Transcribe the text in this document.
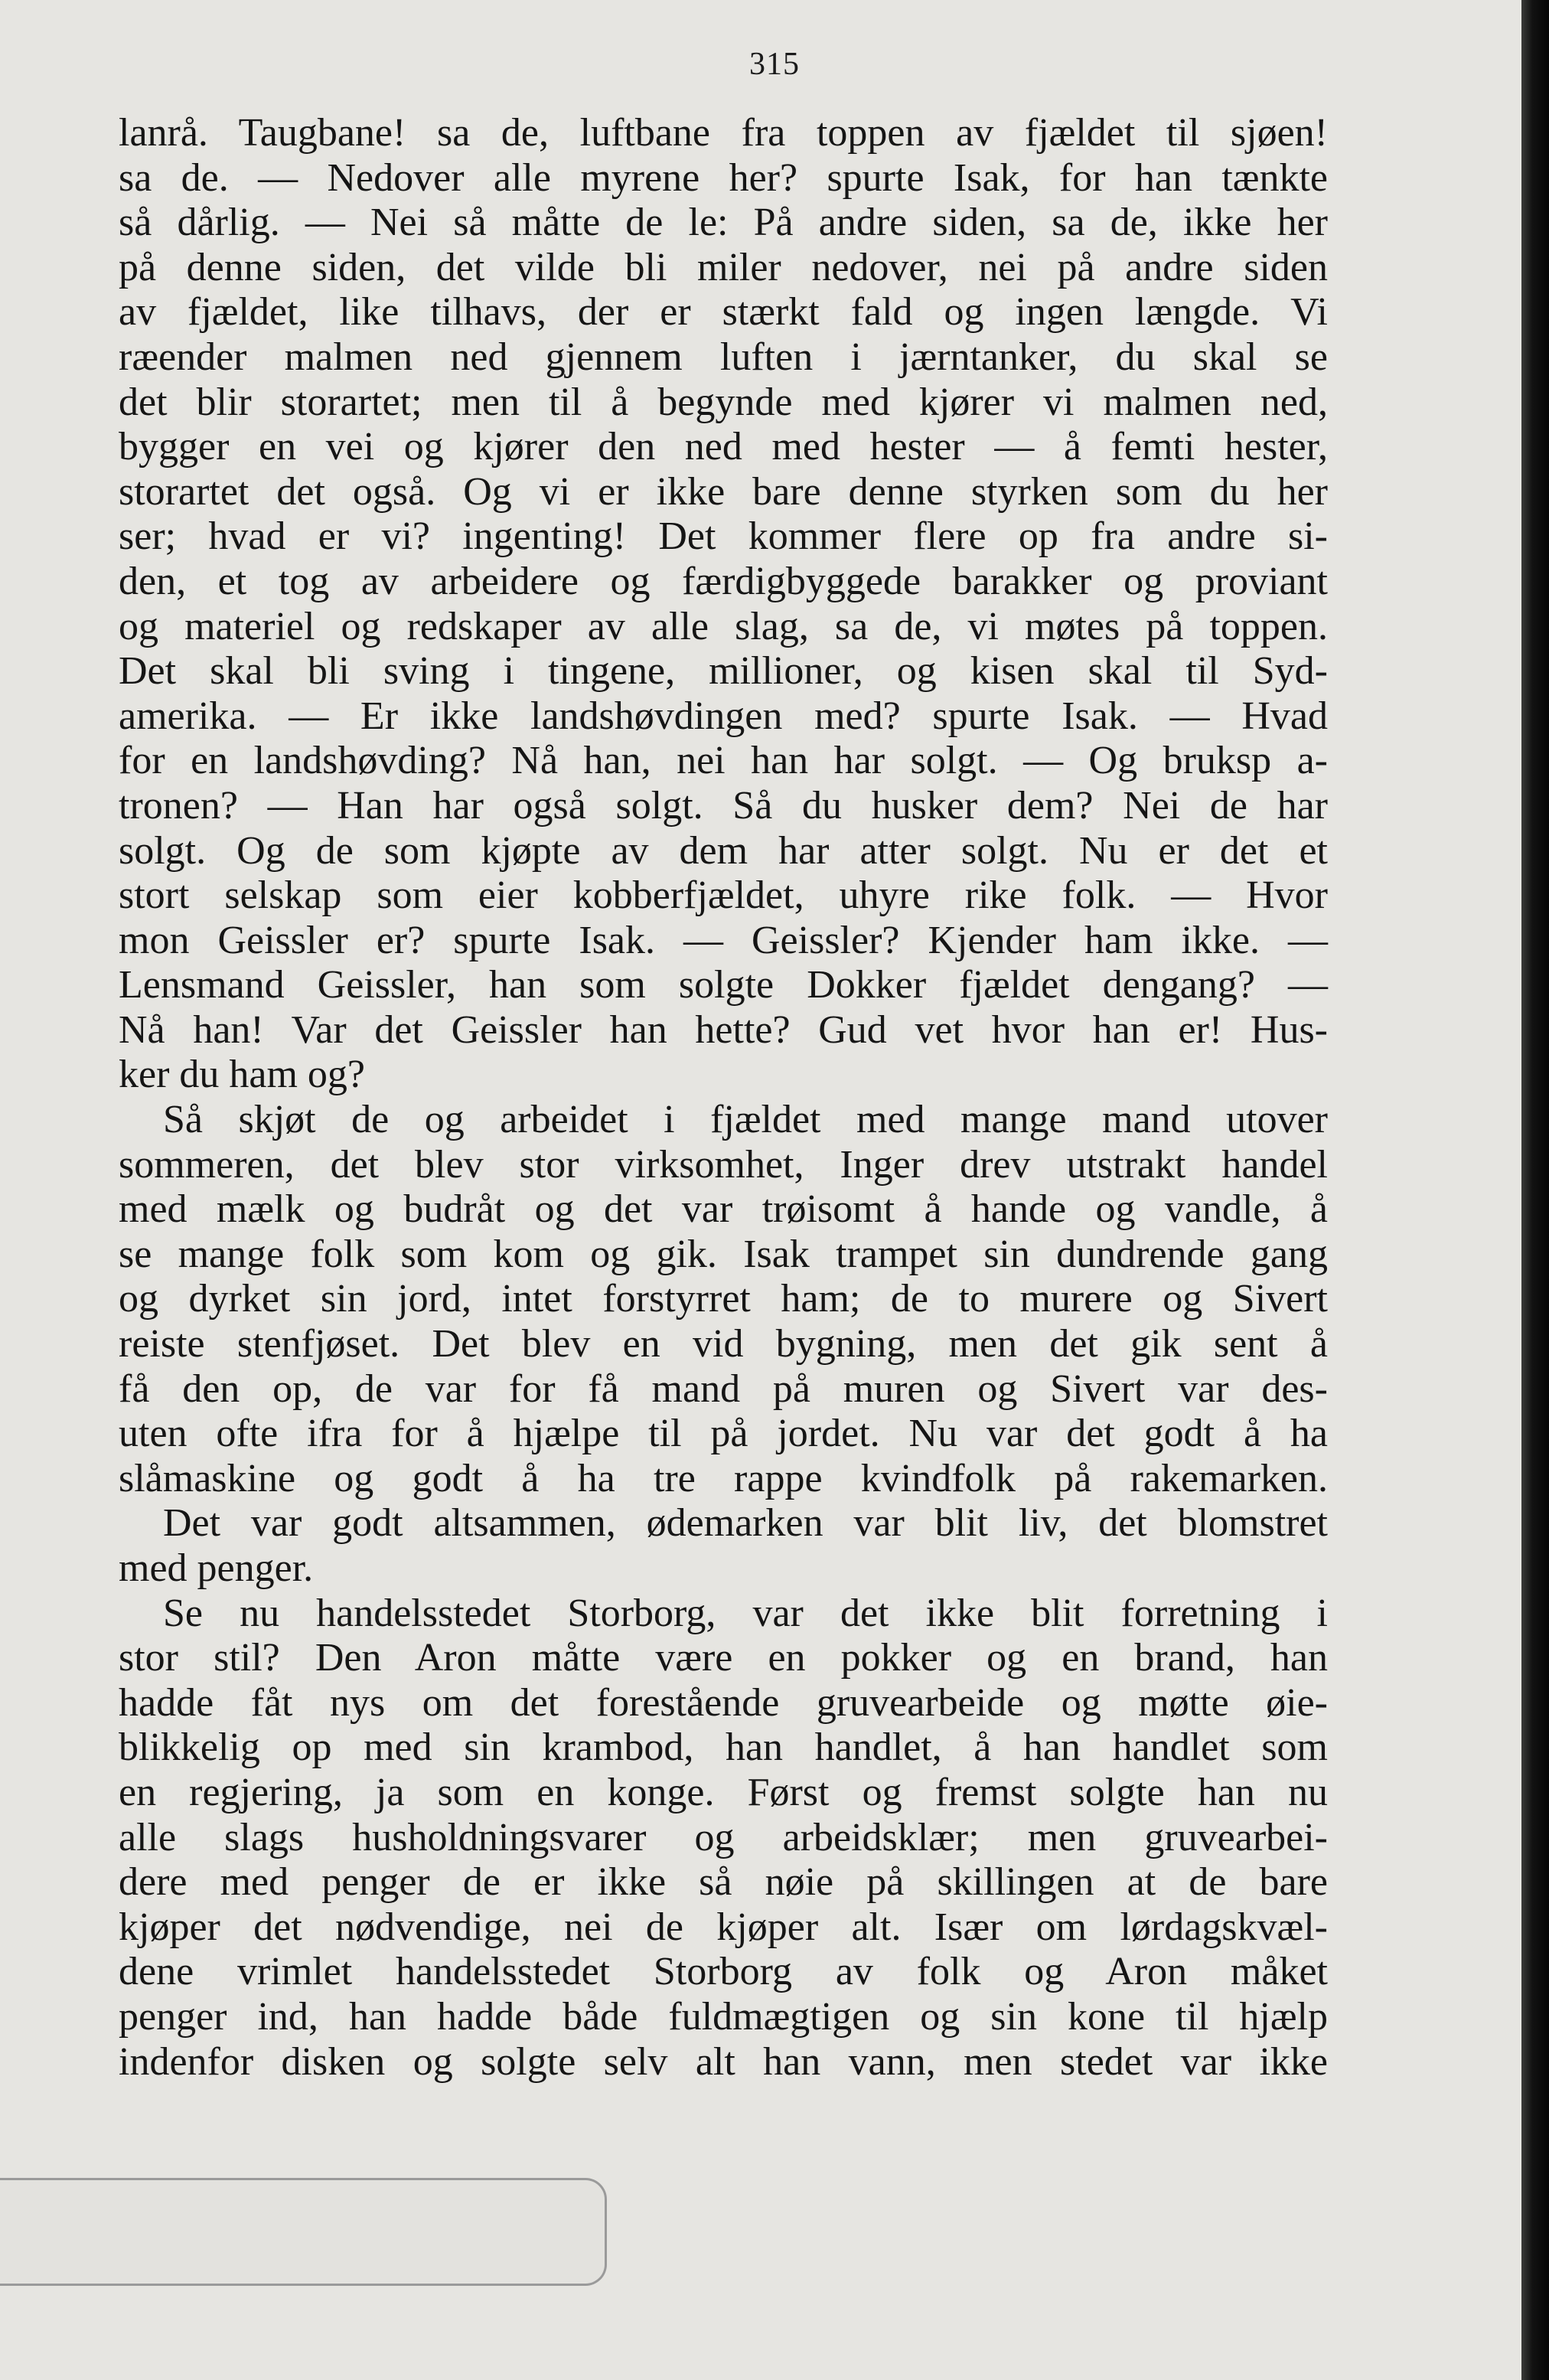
315
lanrå. Taugbane! sa de, luftbane fra toppen av fjældet til sjøen!
sa de. — Nedover alle myrene her? spurte Isak, for han tænkte
så dårlig. — Nei så måtte de le: På andre siden, sa de, ikke her
på denne siden, det vilde bli miler nedover, nei på andre siden
av fjældet, like tilhavs, der er stærkt fald og ingen længde. Vi
ræender malmen ned gjennem luften i jærntanker, du skal se
det blir storartet; men til å begynde med kjører vi malmen ned,
bygger en vei og kjører den ned med hester — å femti hester,
storartet det også. Og vi er ikke bare denne styrken som du her
ser; hvad er vi? ingenting! Det kommer flere op fra andre si-
den, et tog av arbeidere og færdigbyggede barakker og proviant
og materiel og redskaper av alle slag, sa de, vi møtes på toppen.
Det skal bli sving i tingene, millioner, og kisen skal til Syd-
amerika. — Er ikke landshøvdingen med? spurte Isak. — Hvad
for en landshøvding? Nå han, nei han har solgt. — Og bruksp a-
tronen? — Han har også solgt. Så du husker dem? Nei de har
solgt. Og de som kjøpte av dem har atter solgt. Nu er det et
stort selskap som eier kobberfjældet, uhyre rike folk. — Hvor
mon Geissler er? spurte Isak. — Geissler? Kjender ham ikke. —
Lensmand Geissler, han som solgte Dokker fjældet dengang? —
Nå han! Var det Geissler han hette? Gud vet hvor han er! Hus-
ker du ham og?
Så skjøt de og arbeidet i fjældet med mange mand utover
sommeren, det blev stor virksomhet, Inger drev utstrakt handel
med mælk og budråt og det var trøisomt å hande og vandle, å
se mange folk som kom og gik. Isak trampet sin dundrende gang
og dyrket sin jord, intet forstyrret ham; de to murere og Sivert
reiste stenfjøset. Det blev en vid bygning, men det gik sent å
få den op, de var for få mand på muren og Sivert var des-
uten ofte ifra for å hjælpe til på jordet. Nu var det godt å ha
slåmaskine og godt å ha tre rappe kvindfolk på rakemarken.
Det var godt altsammen, ødemarken var blit liv, det blomstret
med penger.
Se nu handelsstedet Storborg, var det ikke blit forretning i
stor stil? Den Aron måtte være en pokker og en brand, han
hadde fåt nys om det forestående gruvearbeide og møtte øie-
blikkelig op med sin krambod, han handlet, å han handlet som
en regjering, ja som en konge. Først og fremst solgte han nu
alle slags husholdningsvarer og arbeidsklær; men gruvearbei-
dere med penger de er ikke så nøie på skillingen at de bare
kjøper det nødvendige, nei de kjøper alt. Især om lørdagskvæl-
dene vrimlet handelsstedet Storborg av folk og Aron måket
penger ind, han hadde både fuldmægtigen og sin kone til hjælp
indenfor disken og solgte selv alt han vann, men stedet var ikke
